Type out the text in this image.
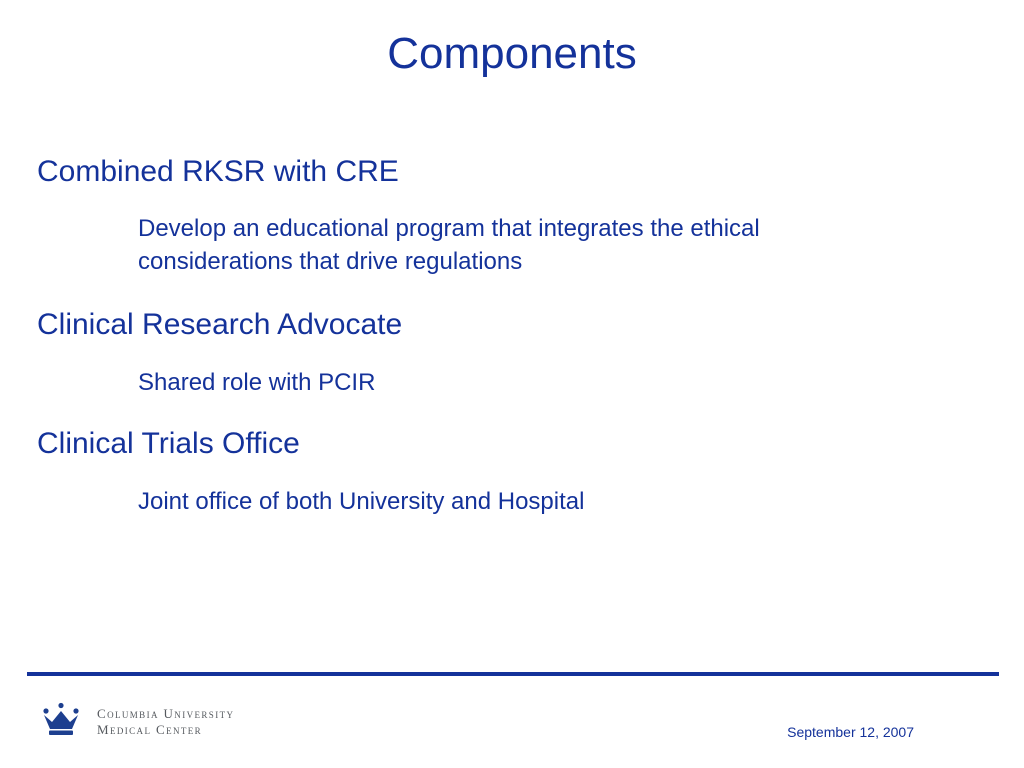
Components
Combined RKSR with CRE
Develop an educational program that integrates the ethical considerations that drive regulations
Clinical Research Advocate
Shared role with PCIR
Clinical Trials Office
Joint office of both University and Hospital
Columbia University
Medical Center	September 12, 2007
